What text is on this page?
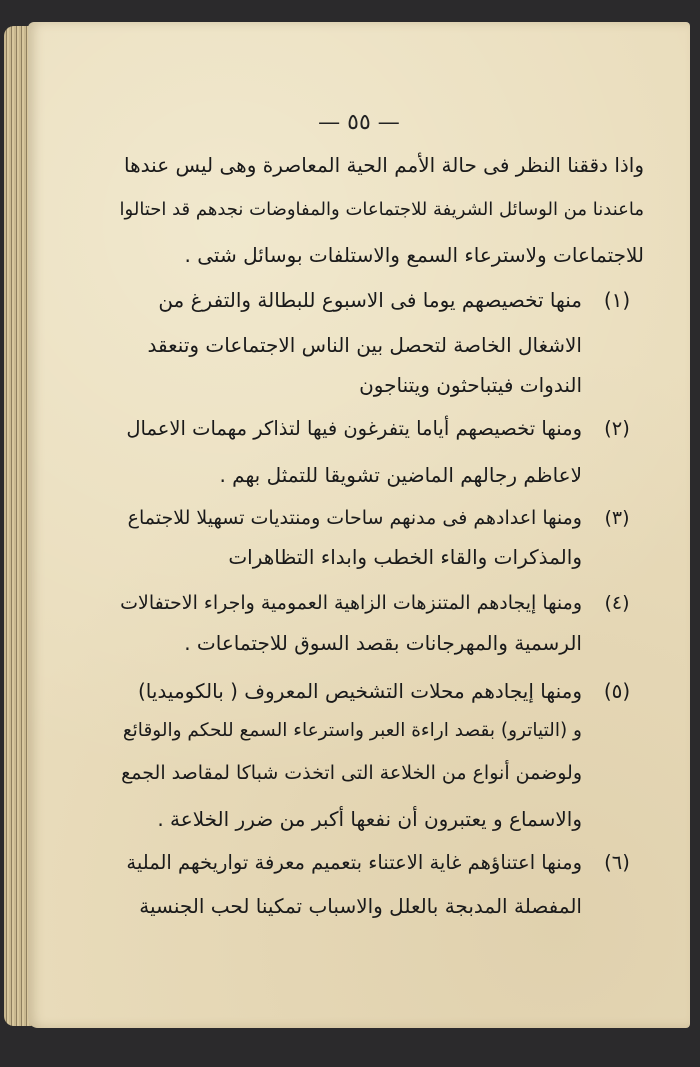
— ٥٥ —
واذا دققنا النظر فى حالة الأمم الحية المعاصرة وهى ليس عندها
ماعندنا من الوسائل الشريفة للاجتماعات والمفاوضات نجدهم قد احتالوا
للاجتماعات ولاسترعاء السمع والاستلفات بوسائل شتى .
(١)منها تخصيصهم يوما فى الاسبوع للبطالة والتفرغ من
الاشغال الخاصة لتحصل بين الناس الاجتماعات وتنعقد
الندوات فيتباحثون ويتناجون
(٢)ومنها تخصيصهم أياما يتفرغون فيها لتذاكر مهمات الاعمال
لاعاظم رجالهم الماضين تشويقا للتمثل بهم .
(٣)ومنها اعدادهم فى مدنهم ساحات ومنتديات تسهيلا للاجتماع
والمذكرات والقاء الخطب وابداء التظاهرات
(٤)ومنها إيجادهم المتنزهات الزاهية العمومية واجراء الاحتفالات
الرسمية والمهرجانات بقصد السوق للاجتماعات .
(٥)ومنها إيجادهم محلات التشخيص المعروف ( بالكوميديا)
و (التياترو) بقصد اراءة العبر واسترعاء السمع للحكم والوقائع
ولوضمن أنواع من الخلاعة التى اتخذت شباكا لمقاصد الجمع
والاسماع و يعتبرون أن نفعها أكبر من ضرر الخلاعة .
(٦)ومنها اعتناؤهم غاية الاعتناء بتعميم معرفة تواريخهم الملية
المفصلة المدبجة بالعلل والاسباب تمكينا لحب الجنسية
